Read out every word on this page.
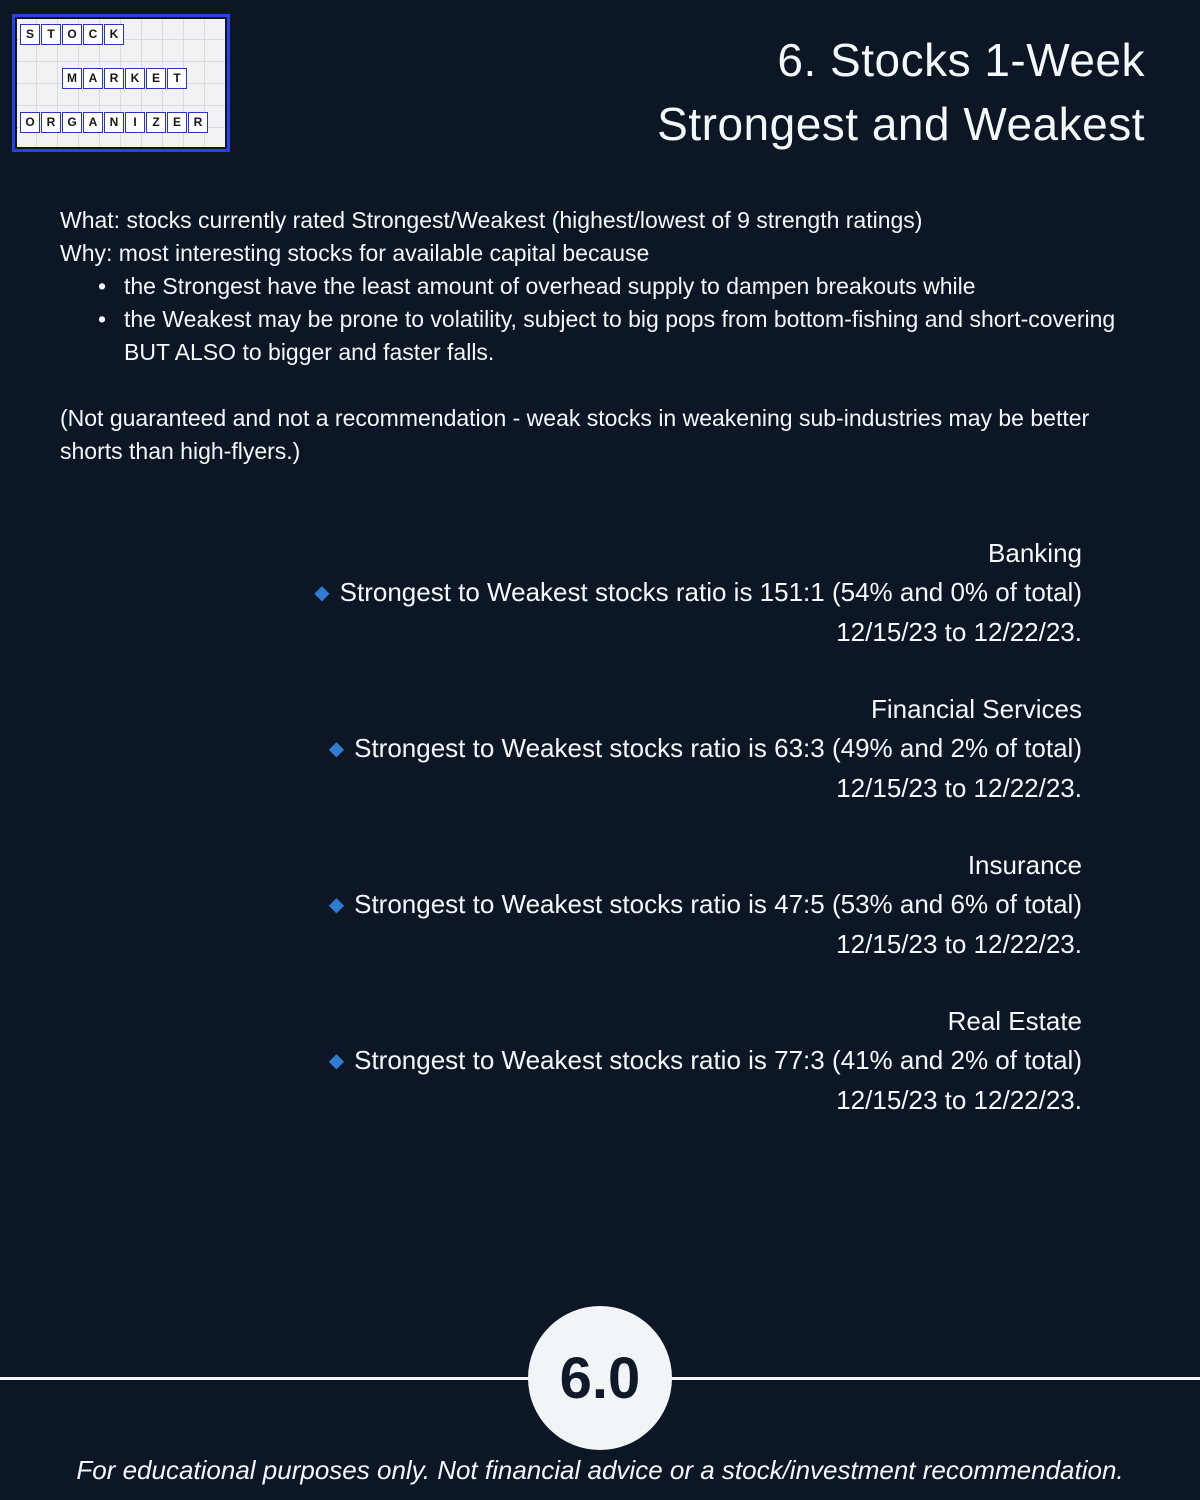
S	T	O C	K
M A	R	K	E	T
O R	G A	N	I	Z	E	R
6. Stocks 1-Week
Strongest and Weakest
What: stocks currently rated Strongest/Weakest (highest/lowest of 9 strength ratings)
Why: most interesting stocks for available capital because
• the Strongest have the least amount of overhead supply to dampen breakouts while
• the Weakest may be prone to volatility, subject to big pops from bottom-fishing and short-covering BUT ALSO to bigger and faster falls.
(Not guaranteed and not a recommendation - weak stocks in weakening sub-industries may be better shorts than high-flyers.)
Banking
◆ Strongest to Weakest stocks ratio is 151:1 (54% and 0% of total)
12/15/23 to 12/22/23.
Financial Services
◆ Strongest to Weakest stocks ratio is 63:3 (49% and 2% of total)
12/15/23 to 12/22/23.
Insurance
◆ Strongest to Weakest stocks ratio is 47:5 (53% and 6% of total)
12/15/23 to 12/22/23.
Real Estate
◆ Strongest to Weakest stocks ratio is 77:3 (41% and 2% of total)
12/15/23 to 12/22/23.
6.0
For educational purposes only. Not financial advice or a stock/investment recommendation.
